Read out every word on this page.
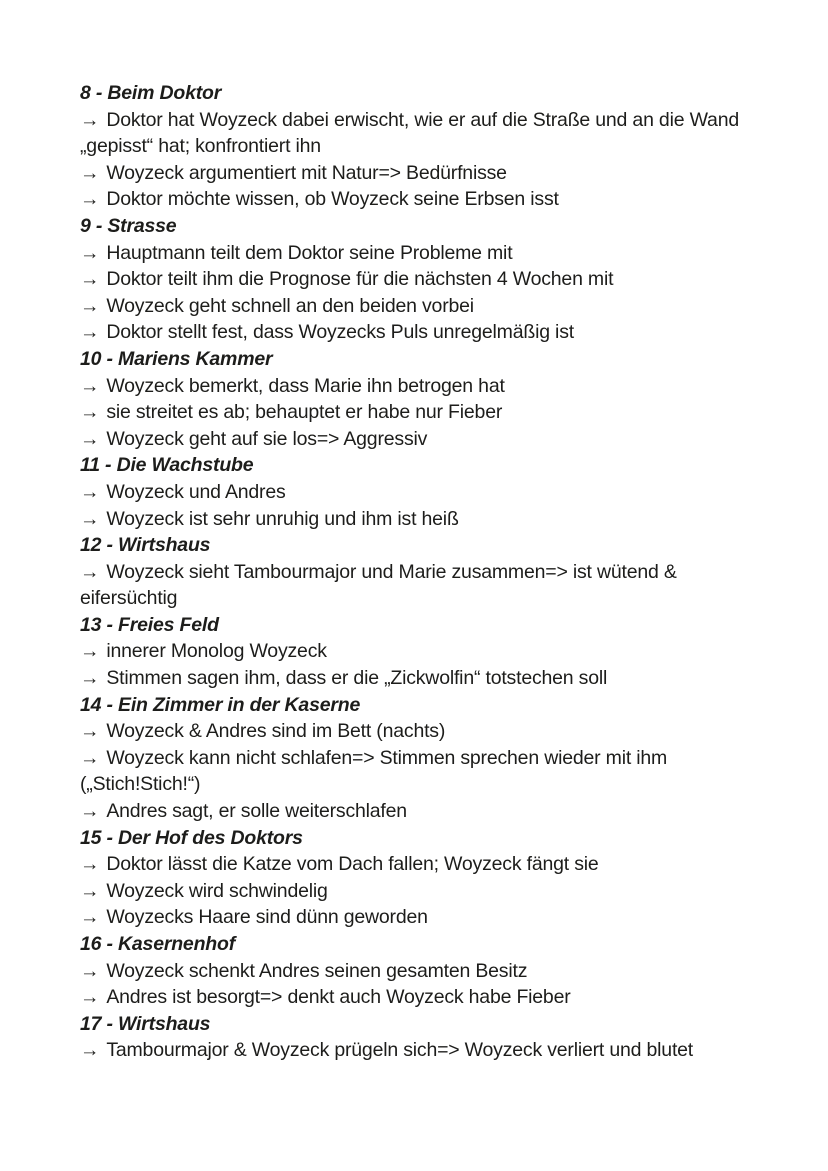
8 - Beim Doktor

→ Doktor hat Woyzeck dabei erwischt, wie er auf die Straße und an die Wand „gepisst“ hat; konfrontiert ihn

→ Woyzeck argumentiert mit Natur=> Bedürfnisse

→ Doktor möchte wissen, ob Woyzeck seine Erbsen isst

9 - Strasse

→ Hauptmann teilt dem Doktor seine Probleme mit

→ Doktor teilt ihm die Prognose für die nächsten 4 Wochen mit

→ Woyzeck geht schnell an den beiden vorbei

→ Doktor stellt fest, dass Woyzecks Puls unregelmäßig ist

10 - Mariens Kammer

→ Woyzeck bemerkt, dass Marie ihn betrogen hat

→ sie streitet es ab; behauptet er habe nur Fieber

→ Woyzeck geht auf sie los=> Aggressiv

11 - Die Wachstube

→ Woyzeck und Andres

→ Woyzeck ist sehr unruhig und ihm ist heiß

12 - Wirtshaus

→ Woyzeck sieht Tambourmajor und Marie zusammen=> ist wütend & eifersüchtig

13 - Freies Feld

→ innerer Monolog Woyzeck

→ Stimmen sagen ihm, dass er die „Zickwolfin“ totstechen soll

14 - Ein Zimmer in der Kaserne

→ Woyzeck & Andres sind im Bett (nachts)

→ Woyzeck kann nicht schlafen=> Stimmen sprechen wieder mit ihm („Stich!Stich!“)

→ Andres sagt, er solle weiterschlafen

15 - Der Hof des Doktors

→ Doktor lässt die Katze vom Dach fallen; Woyzeck fängt sie

→ Woyzeck wird schwindelig

→ Woyzecks Haare sind dünn geworden

16 - Kasernenhof

→ Woyzeck schenkt Andres seinen gesamten Besitz

→ Andres ist besorgt=> denkt auch Woyzeck habe Fieber

17 - Wirtshaus

→ Tambourmajor & Woyzeck prügeln sich=> Woyzeck verliert und blutet
